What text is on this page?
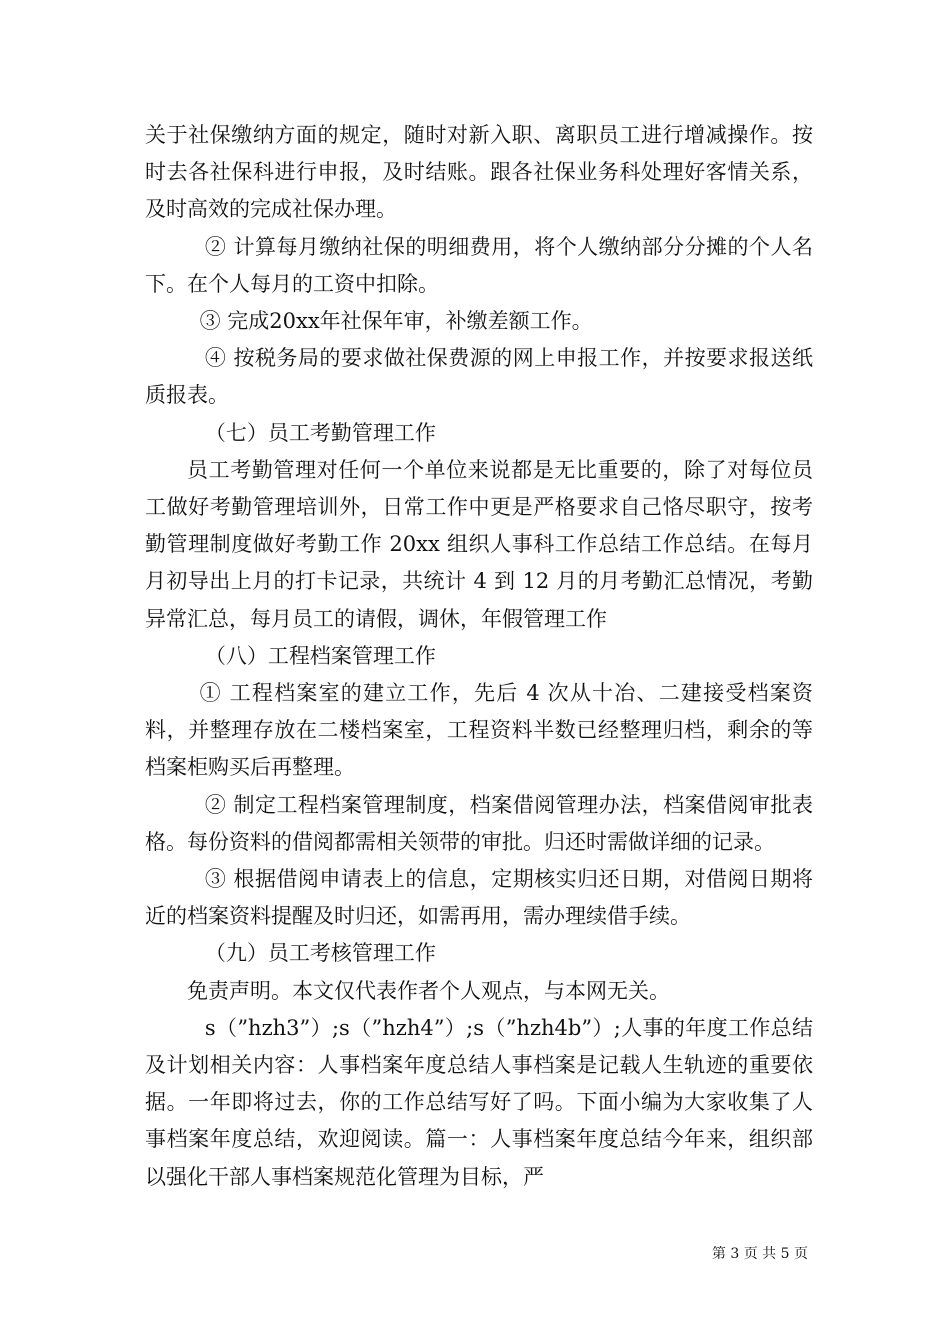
关于社保缴纳方面的规定，随时对新入职、离职员工进行增减操作。按时去各社保科进行申报，及时结账。跟各社保业务科处理好客情关系，及时高效的完成社保办理。

② 计算每月缴纳社保的明细费用，将个人缴纳部分分摊的个人名下。在个人每月的工资中扣除。

③ 完成20xx年社保年审，补缴差额工作。

④ 按税务局的要求做社保费源的网上申报工作，并按要求报送纸质报表。

（七）员工考勤管理工作

员工考勤管理对任何一个单位来说都是无比重要的，除了对每位员工做好考勤管理培训外，日常工作中更是严格要求自己恪尽职守，按考勤管理制度做好考勤工作 20xx 组织人事科工作总结工作总结。在每月月初导出上月的打卡记录，共统计 4 到 12 月的月考勤汇总情况，考勤异常汇总，每月员工的请假，调休，年假管理工作

（八）工程档案管理工作

① 工程档案室的建立工作，先后 4 次从十冶、二建接受档案资料，并整理存放在二楼档案室，工程资料半数已经整理归档，剩余的等档案柜购买后再整理。

② 制定工程档案管理制度，档案借阅管理办法，档案借阅审批表格。每份资料的借阅都需相关领带的审批。归还时需做详细的记录。

③ 根据借阅申请表上的信息，定期核实归还日期，对借阅日期将近的档案资料提醒及时归还，如需再用，需办理续借手续。

（九）员工考核管理工作

免责声明。本文仅代表作者个人观点，与本网无关。

s（”hzh3”）;s（”hzh4”）;s（”hzh4b”）;人事的年度工作总结及计划相关内容：人事档案年度总结人事档案是记载人生轨迹的重要依据。一年即将过去，你的工作总结写好了吗。下面小编为大家收集了人事档案年度总结，欢迎阅读。篇一：人事档案年度总结今年来，组织部以强化干部人事档案规范化管理为目标，严

第 3 页 共 5 页
